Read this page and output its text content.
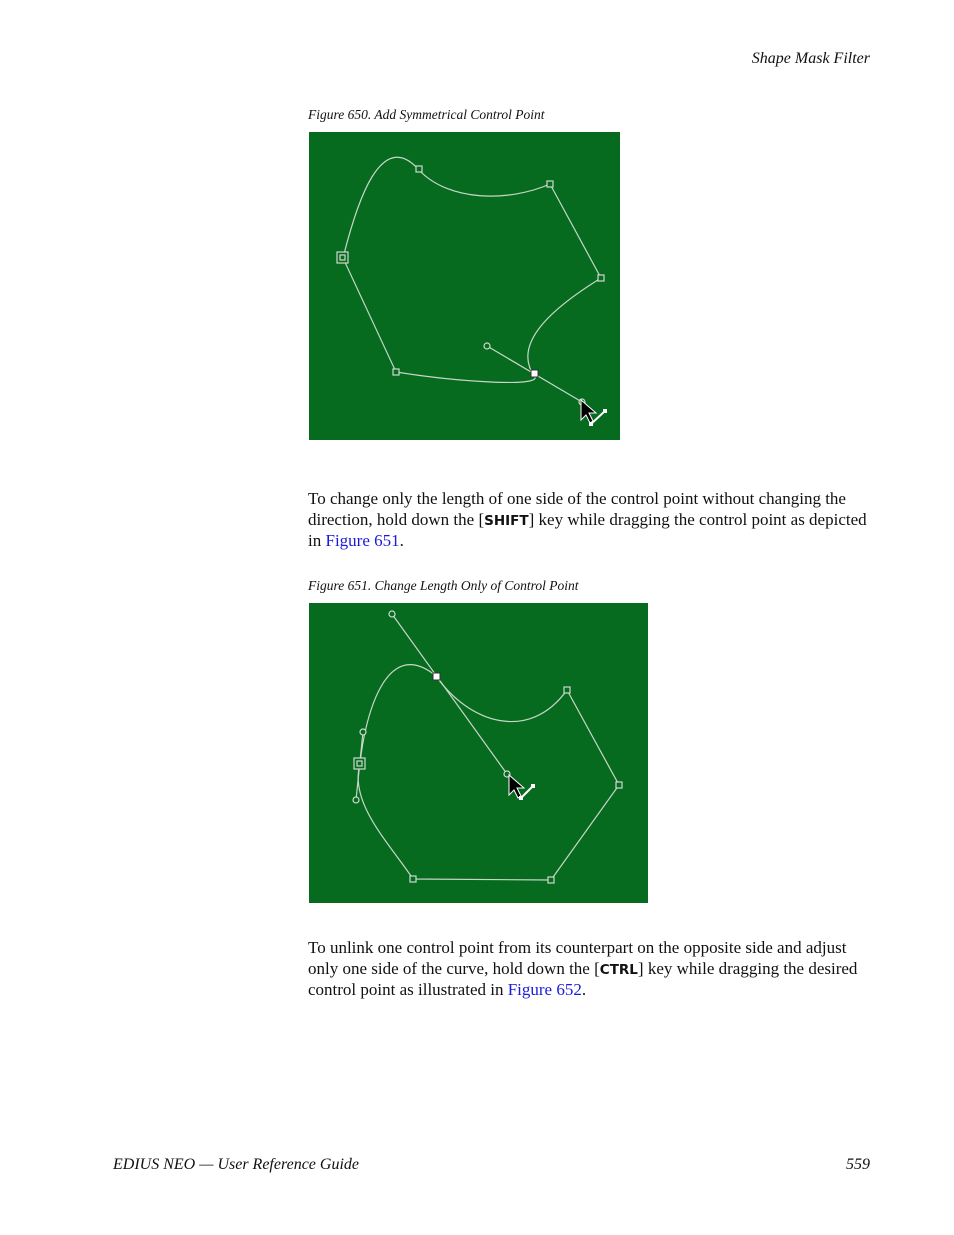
Shape Mask Filter
Figure 650. Add Symmetrical Control Point
To change only the length of one side of the control point without changing the direction, hold down the [SHIFT] key while dragging the control point as depicted in Figure 651.
Figure 651. Change Length Only of Control Point
To unlink one control point from its counterpart on the opposite side and adjust only one side of the curve, hold down the [CTRL] key while dragging the desired control point as illustrated in Figure 652.
EDIUS NEO — User Reference Guide	559
